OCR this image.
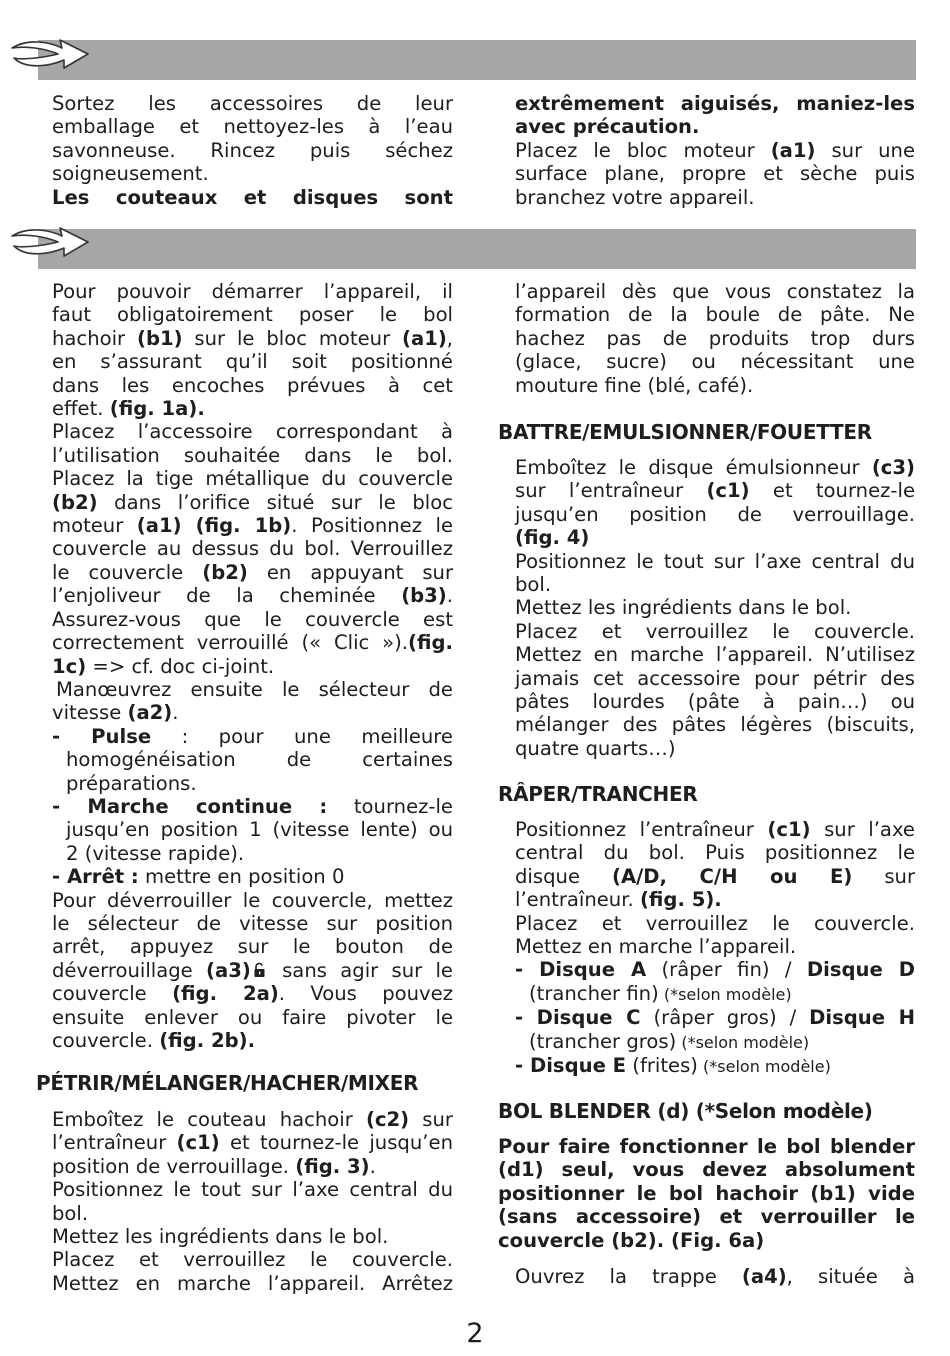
Sortez les accessoires de leur
emballage et nettoyez-les à l’eau
savonneuse. Rincez puis séchez
soigneusement.
Les couteaux et disques sont
extrêmement aiguisés, maniez-les
avec précaution.
Placez le bloc moteur (a1) sur une
surface plane, propre et sèche puis
branchez votre appareil.
Pour pouvoir démarrer l’appareil, il
faut obligatoirement poser le bol
hachoir (b1) sur le bloc moteur (a1),
en s’assurant qu’il soit positionné
dans les encoches prévues à cet
effet. (fig. 1a).
Placez l’accessoire correspondant à
l’utilisation souhaitée dans le bol.
Placez la tige métallique du couvercle
(b2) dans l’orifice situé sur le bloc
moteur (a1) (fig. 1b). Positionnez le
couvercle au dessus du bol. Verrouillez
le couvercle (b2) en appuyant sur
l’enjoliveur de la cheminée (b3).
Assurez-vous que le couvercle est
correctement verrouillé (« Clic »).(fig.
1c) => cf. doc ci-joint.
Manœuvrez ensuite le sélecteur de
vitesse (a2).
- Pulse : pour une meilleure
homogénéisation de certaines
préparations.
- Marche continue : tournez-le
jusqu’en position 1 (vitesse lente) ou
2 (vitesse rapide).
- Arrêt : mettre en position 0
Pour déverrouiller le couvercle, mettez
le sélecteur de vitesse sur position
arrêt, appuyez sur le bouton de
déverrouillage (a3) sans agir sur le
couvercle (fig. 2a). Vous pouvez
ensuite enlever ou faire pivoter le
couvercle. (fig. 2b).
PÉTRIR/MÉLANGER/HACHER/MIXER
Emboîtez le couteau hachoir (c2) sur
l’entraîneur (c1) et tournez-le jusqu’en
position de verrouillage. (fig. 3).
Positionnez le tout sur l’axe central du
bol.
Mettez les ingrédients dans le bol.
Placez et verrouillez le couvercle.
Mettez en marche l’appareil. Arrêtez
l’appareil dès que vous constatez la
formation de la boule de pâte. Ne
hachez pas de produits trop durs
(glace, sucre) ou nécessitant une
mouture fine (blé, café).
BATTRE/EMULSIONNER/FOUETTER
Emboîtez le disque émulsionneur (c3)
sur l’entraîneur (c1) et tournez-le
jusqu’en position de verrouillage.
(fig. 4)
Positionnez le tout sur l’axe central du
bol.
Mettez les ingrédients dans le bol.
Placez et verrouillez le couvercle.
Mettez en marche l’appareil. N’utilisez
jamais cet accessoire pour pétrir des
pâtes lourdes (pâte à pain…) ou
mélanger des pâtes légères (biscuits,
quatre quarts…)
RÂPER/TRANCHER
Positionnez l’entraîneur (c1) sur l’axe
central du bol. Puis positionnez le
disque (A/D, C/H ou E) sur
l’entraîneur. (fig. 5).
Placez et verrouillez le couvercle.
Mettez en marche l’appareil.
- Disque A (râper fin) / Disque D
(trancher fin) (*selon modèle)
- Disque C (râper gros) / Disque H
(trancher gros) (*selon modèle)
- Disque E (frites) (*selon modèle)
BOL BLENDER (d) (*Selon modèle)
Pour faire fonctionner le bol blender
(d1) seul, vous devez absolument
positionner le bol hachoir (b1) vide
(sans accessoire) et verrouiller le
couvercle (b2). (Fig. 6a)
Ouvrez la trappe (a4), située à
2
